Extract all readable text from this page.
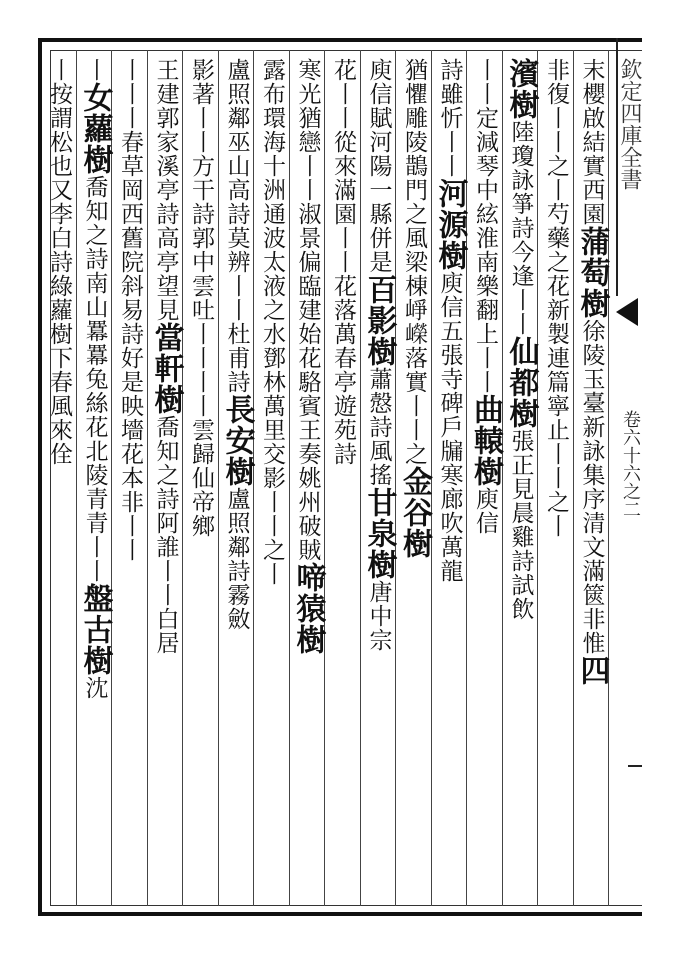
欽定四庫全書
卷六十六之二
末櫻啟結實西園蒲萄樹徐陵玉臺新詠集序清文滿篋非惟四
非復丨丨之丨芍藥之花新製連篇寧止丨丨之丨
濱樹陸瓊詠箏詩今逢丨丨仙都樹張正見晨雞詩試飲
丨丨定減琴中絃淮南樂翻上丨丨曲轅樹庾信
詩雖忻丨丨河源樹庾信五張寺碑戶牖寒廊吹萬龍
猶懼雕陵鵲門之風梁棟崢嶸落實丨丨之金谷樹
庾信賦河陽一縣併是百影樹蕭慤詩風搖甘泉樹唐中宗
花丨丨從來滿園丨丨花落萬春亭遊苑詩
寒光猶戀丨丨淑景偏臨建始花駱賓王奏姚州破賊啼猿樹
露布環海十洲通波太液之水鄧林萬里交影丨丨之丨
盧照鄰巫山高詩莫辨丨丨杜甫詩長安樹盧照鄰詩霧斂
影著丨丨方干詩郭中雲吐丨丨丨丨雲歸仙帝鄉
王建郭家溪亭詩高亭望見當軒樹喬知之詩阿誰丨丨白居
丨丨丨春草岡西舊院斜易詩好是映墻花本非丨丨
丨女蘿樹喬知之詩南山羃羃兔絲花北陵青青丨丨盤古樹沈
丨按謂松也又李白詩綠蘿樹下春風來佺
